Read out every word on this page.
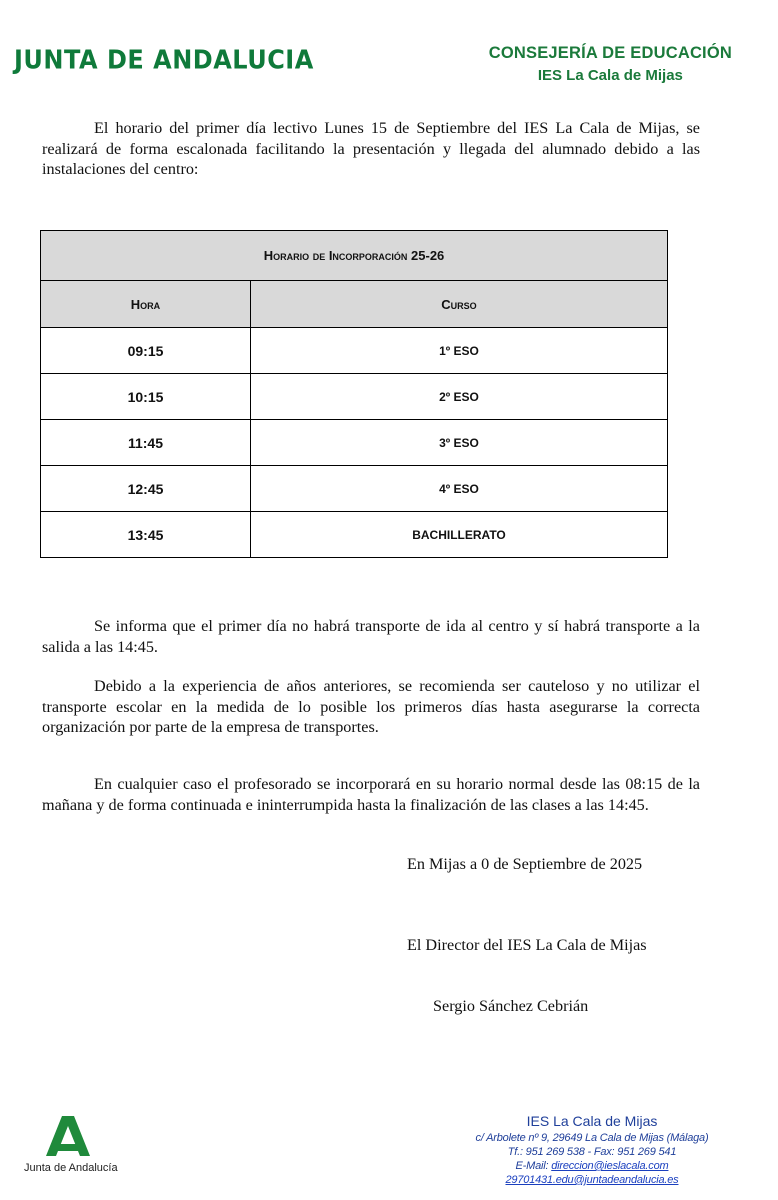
JUNTA DE ANDALUCIA	CONSEJERÍA DE EDUCACIÓN
IES La Cala de Mijas
El horario del primer día lectivo Lunes 15 de Septiembre del IES La Cala de Mijas, se realizará de forma escalonada facilitando la presentación y llegada del alumnado debido a las instalaciones del centro:
Horario de Incorporación 25-26	
Hora	Curso
09:15	1º ESO
10:15	2º ESO
11:45	3º ESO
12:45	4º ESO
13:45	BACHILLERATO
Se informa que el primer día no habrá transporte de ida al centro y sí habrá transporte a la salida a las 14:45.
Debido a la experiencia de años anteriores, se recomienda ser cauteloso y no utilizar el transporte escolar en la medida de lo posible los primeros días hasta asegurarse la correcta organización por parte de la empresa de transportes.
En cualquier caso el profesorado se incorporará en su horario normal desde las 08:15 de la mañana y de forma continuada e ininterrumpida hasta la finalización de las clases a las 14:45.
En Mijas a 0 de Septiembre de 2025
El Director del IES La Cala de Mijas
Sergio Sánchez Cebrián
Junta de Andalucía
IES La Cala de Mijas
c/ Arbolete nº 9, 29649 La Cala de Mijas (Málaga)
Tf.: 951 269 538 - Fax: 951 269 541
E-Mail: direccion@ieslacala.com
29701431.edu@juntadeandalucia.es
